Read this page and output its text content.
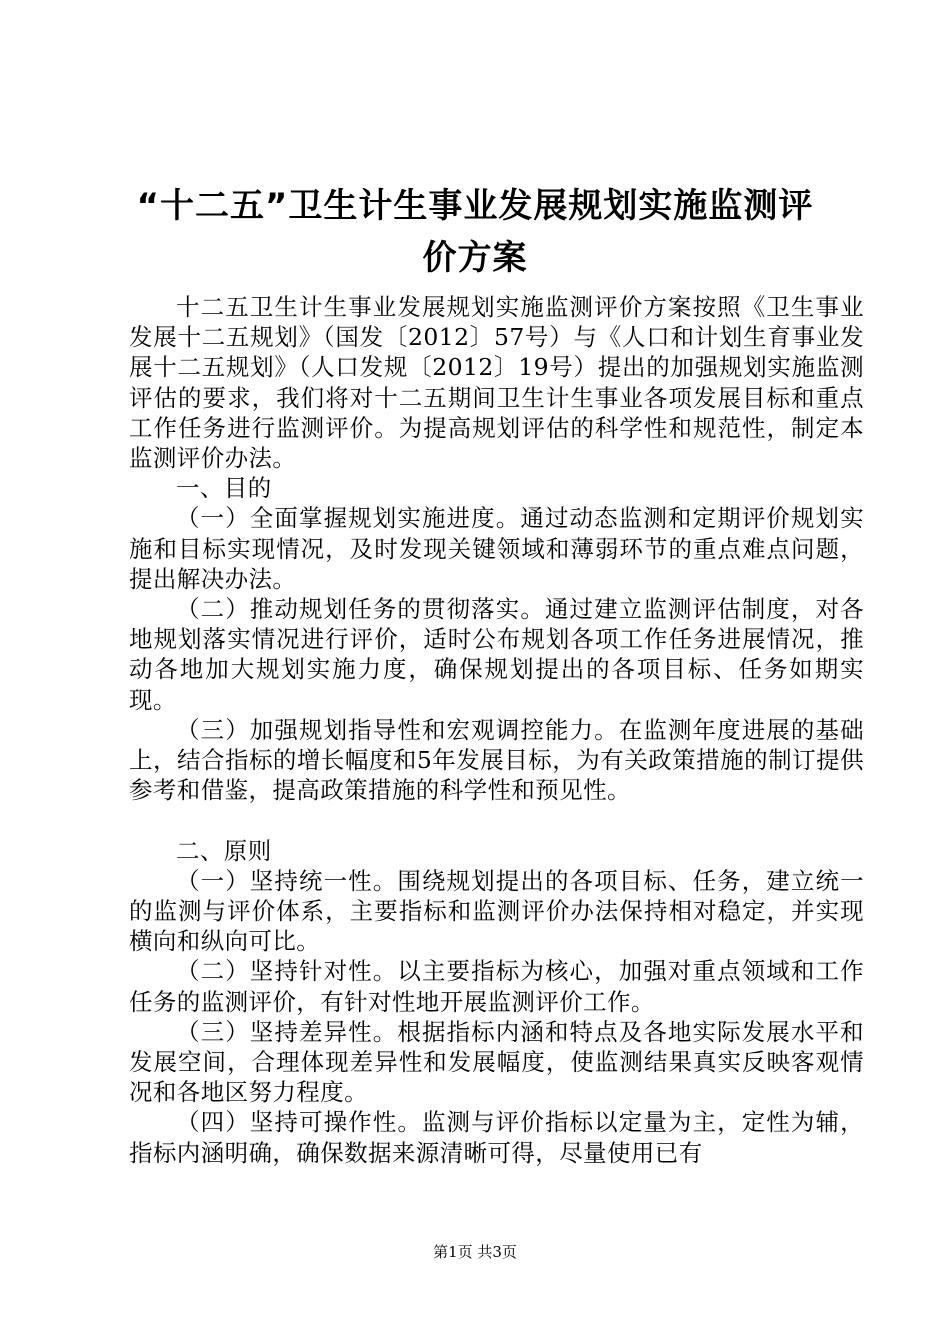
“十二五”卫生计生事业发展规划实施监测评
价方案

十二五卫生计生事业发展规划实施监测评价方案按照《卫生事业发展十二五规划》（国发〔2012〕57号）与《人口和计划生育事业发展十二五规划》（人口发规〔2012〕19号）提出的加强规划实施监测评估的要求，我们将对十二五期间卫生计生事业各项发展目标和重点工作任务进行监测评价。为提高规划评估的科学性和规范性，制定本监测评价办法。

一、目的

（一）全面掌握规划实施进度。通过动态监测和定期评价规划实施和目标实现情况，及时发现关键领域和薄弱环节的重点难点问题，提出解决办法。

（二）推动规划任务的贯彻落实。通过建立监测评估制度，对各地规划落实情况进行评价，适时公布规划各项工作任务进展情况，推动各地加大规划实施力度，确保规划提出的各项目标、任务如期实现。

（三）加强规划指导性和宏观调控能力。在监测年度进展的基础上，结合指标的增长幅度和5年发展目标，为有关政策措施的制订提供参考和借鉴，提高政策措施的科学性和预见性。

二、原则

（一）坚持统一性。围绕规划提出的各项目标、任务，建立统一的监测与评价体系，主要指标和监测评价办法保持相对稳定，并实现横向和纵向可比。

（二）坚持针对性。以主要指标为核心，加强对重点领域和工作任务的监测评价，有针对性地开展监测评价工作。

（三）坚持差异性。根据指标内涵和特点及各地实际发展水平和发展空间，合理体现差异性和发展幅度，使监测结果真实反映客观情况和各地区努力程度。

（四）坚持可操作性。监测与评价指标以定量为主，定性为辅，指标内涵明确，确保数据来源清晰可得，尽量使用已有

第1页 共3页
